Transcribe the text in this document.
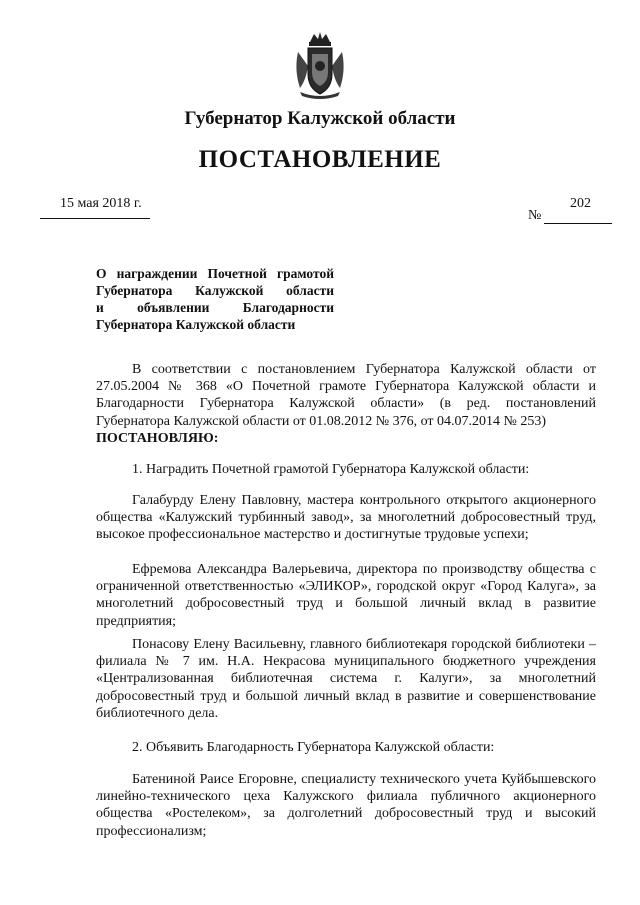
Губернатор Калужской области
ПОСТАНОВЛЕНИЕ
15 мая 2018 г.	202
№
О награждении Почетной грамотой
Губернатора Калужской области
и объявлении Благодарности
Губернатора Калужской области
В соответствии с постановлением Губернатора Калужской области от 27.05.2004 № 368 «О Почетной грамоте Губернатора Калужской области и Благодарности Губернатора Калужской области» (в ред. постановлений Губернатора Калужской области от 01.08.2012 № 376, от 04.07.2014 № 253)
ПОСТАНОВЛЯЮ:
1. Наградить Почетной грамотой Губернатора Калужской области:
Галабурду Елену Павловну, мастера контрольного открытого акционерного общества «Калужский турбинный завод», за многолетний добросовестный труд, высокое профессиональное мастерство и достигнутые трудовые успехи;
Ефремова Александра Валерьевича, директора по производству общества с ограниченной ответственностью «ЭЛИКОР», городской округ «Город Калуга», за многолетний добросовестный труд и большой личный вклад в развитие предприятия;
Понасову Елену Васильевну, главного библиотекаря городской библиотеки – филиала № 7 им. Н.А. Некрасова муниципального бюджетного учреждения «Централизованная библиотечная система г. Калуги», за многолетний добросовестный труд и большой личный вклад в развитие и совершенствование библиотечного дела.
2. Объявить Благодарность Губернатора Калужской области:
Батениной Раисе Егоровне, специалисту технического учета Куйбышевского линейно-технического цеха Калужского филиала публичного акционерного общества «Ростелеком», за долголетний добросовестный труд и высокий профессионализм;
